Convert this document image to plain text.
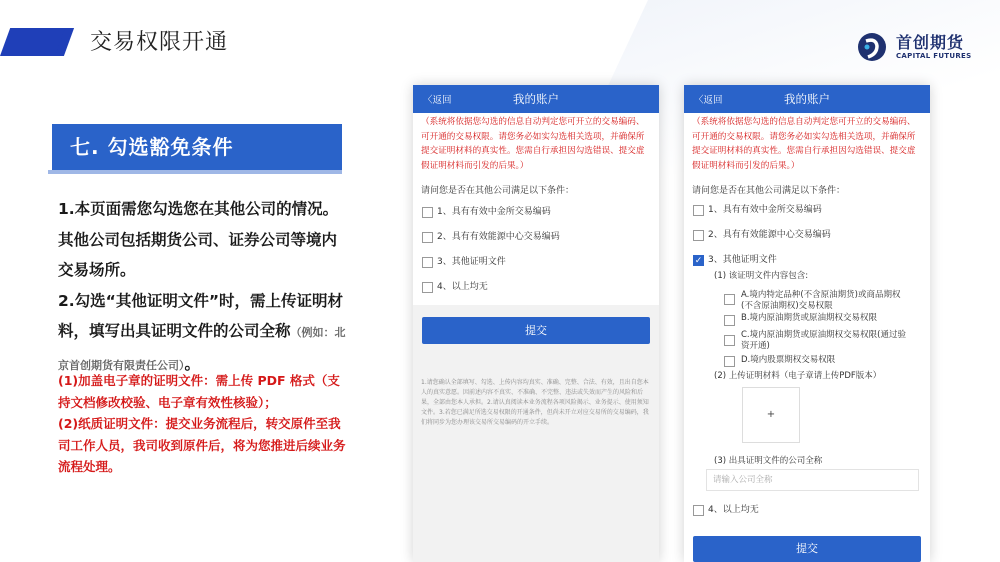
交易权限开通	首创期货
CAPITAL FUTURES
七. 勾选豁免条件
1.本页面需您勾选您在其他公司的情况。其他公司包括期货公司、证券公司等境内交易场所。
2.勾选“其他证明文件”时，需上传证明材料，填写出具证明文件的公司全称（例如：北京首创期货有限责任公司）。
(1)加盖电子章的证明文件：需上传 PDF 格式（支持文档修改校验、电子章有效性核验）；
(2)纸质证明文件：提交业务流程后，转交原件至我司工作人员，我司收到原件后，将为您推进后续业务流程处理。
〈返回	我的账户
（系统将依据您勾选的信息自动判定您可开立的交易编码、可开通的交易权限。请您务必如实勾选相关选项，并确保所提交证明材料的真实性。您需自行承担因勾选错误、提交虚假证明材料而引发的后果。）
请问您是否在其他公司满足以下条件：
1、具有有效中金所交易编码
2、具有有效能源中心交易编码
3、其他证明文件
4、以上均无
提交
1.请您确认全部填写、勾选、上传内容均真实、准确、完整、合法、有效，且出自您本人的真实意愿。因前述内容不真实、不准确、不完整、违法或失效而产生的风险和后果，全部由您本人承担。2.请认真阅读本业务流程各项风险揭示、业务提示、使用须知文件。3.若您已满足所选交易权限的开通条件，但尚未开立对应交易所的交易编码，我们将同步为您办理该交易所交易编码的开立手续。
〈返回	我的账户
（系统将依据您勾选的信息自动判定您可开立的交易编码、可开通的交易权限。请您务必如实勾选相关选项，并确保所提交证明材料的真实性。您需自行承担因勾选错误、提交虚假证明材料而引发的后果。）
请问您是否在其他公司满足以下条件：
1、具有有效中金所交易编码
2、具有有效能源中心交易编码
✓ 3、其他证明文件
(1) 该证明文件内容包含:
A.境内特定品种(不含原油期货)或商品期权(不含原油期权)交易权限
B.境内原油期货或原油期权交易权限
C.境内原油期货或原油期权交易权限(通过验资开通)
D.境内股票期权交易权限
(2) 上传证明材料（电子章请上传PDF版本）
+
(3) 出具证明文件的公司全称
请输入公司全称
4、以上均无
提交
